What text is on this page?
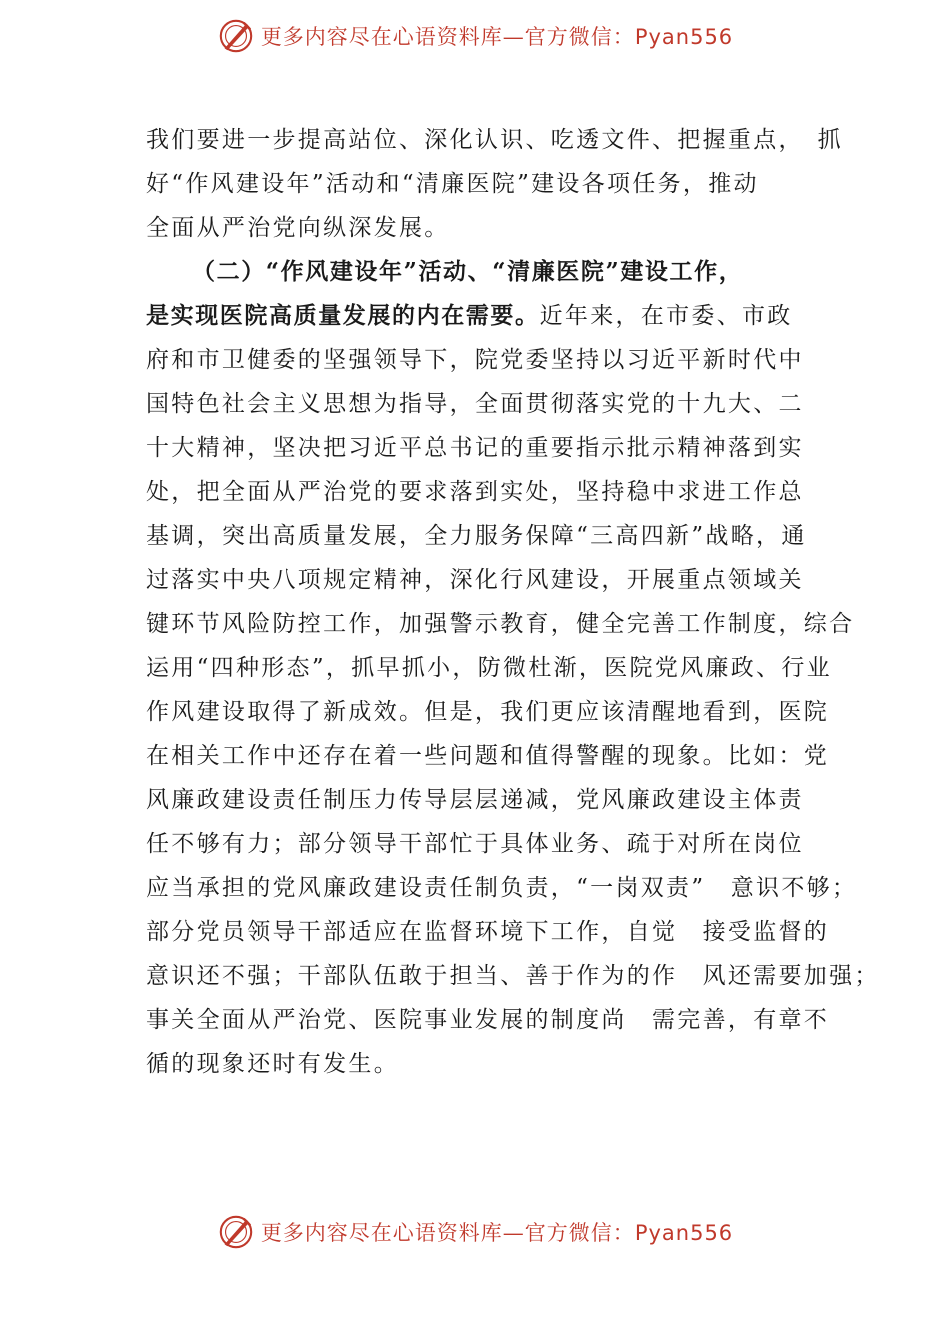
更多内容尽在心语资料库—官方微信：Pyan556
我们要进一步提高站位、深化认识、吃透文件、把握重点，　抓
好“作风建设年”活动和“清廉医院”建设各项任务，推动
全面从严治党向纵深发展。
（二）“作风建设年”活动、“清廉医院”建设工作，
是实现医院高质量发展的内在需要。近年来，在市委、市政
府和市卫健委的坚强领导下，院党委坚持以习近平新时代中
国特色社会主义思想为指导，全面贯彻落实党的十九大、二
十大精神，坚决把习近平总书记的重要指示批示精神落到实
处，把全面从严治党的要求落到实处，坚持稳中求进工作总
基调，突出高质量发展，全力服务保障“三高四新”战略，通
过落实中央八项规定精神，深化行风建设，开展重点领域关
键环节风险防控工作，加强警示教育，健全完善工作制度，综合
运用“四种形态”，抓早抓小，防微杜渐，医院党风廉政、行业
作风建设取得了新成效。但是，我们更应该清醒地看到，医院
在相关工作中还存在着一些问题和值得警醒的现象。比如：党
风廉政建设责任制压力传导层层递减，党风廉政建设主体责
任不够有力；部分领导干部忙于具体业务、疏于对所在岗位
应当承担的党风廉政建设责任制负责，“一岗双责”　意识不够；
部分党员领导干部适应在监督环境下工作，自觉　接受监督的
意识还不强；干部队伍敢于担当、善于作为的作　风还需要加强；
事关全面从严治党、医院事业发展的制度尚　需完善，有章不
循的现象还时有发生。
更多内容尽在心语资料库—官方微信：Pyan556
